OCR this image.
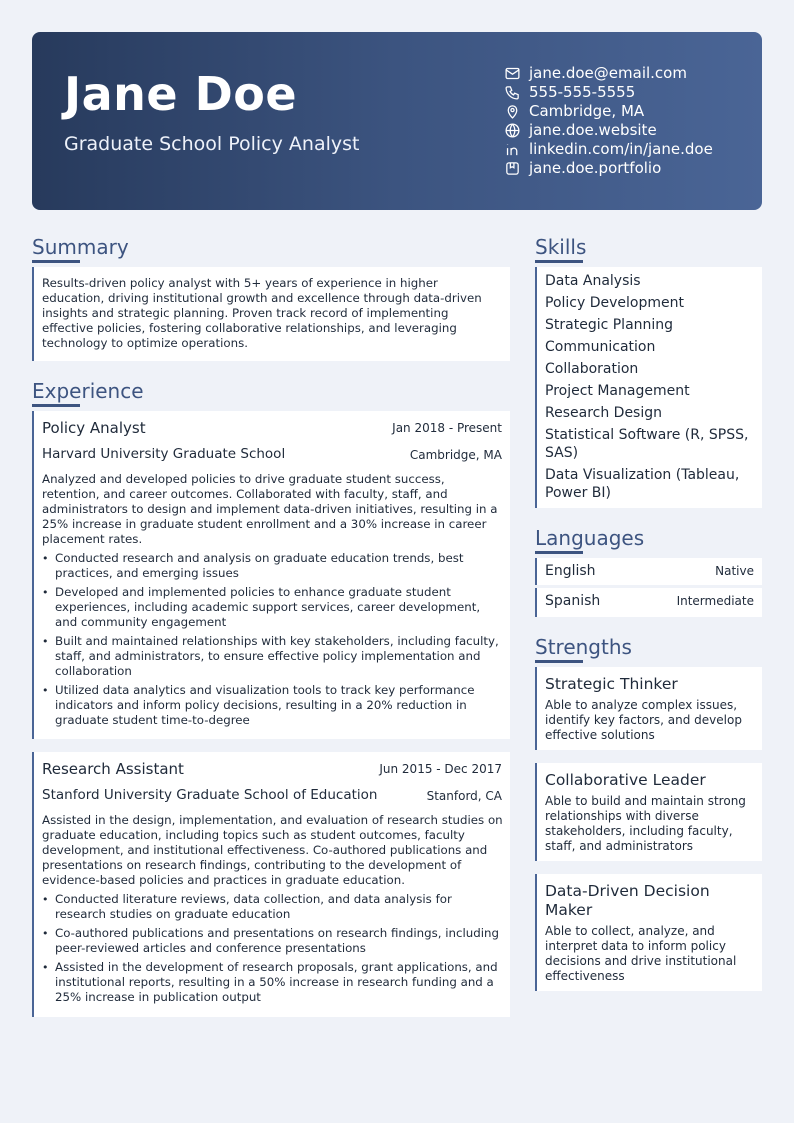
Jane Doe
Graduate School Policy Analyst
jane.doe@email.com
555-555-5555
Cambridge, MA
jane.doe.website
linkedin.com/in/jane.doe
jane.doe.portfolio
Summary
Results-driven policy analyst with 5+ years of experience in higher education, driving institutional growth and excellence through data-driven insights and strategic planning. Proven track record of implementing effective policies, fostering collaborative relationships, and leveraging technology to optimize operations.
Experience
Policy Analyst	Jan 2018 - Present
Harvard University Graduate School	Cambridge, MA
Analyzed and developed policies to drive graduate student success, retention, and career outcomes. Collaborated with faculty, staff, and administrators to design and implement data-driven initiatives, resulting in a 25% increase in graduate student enrollment and a 30% increase in career placement rates.
• Conducted research and analysis on graduate education trends, best practices, and emerging issues
• Developed and implemented policies to enhance graduate student experiences, including academic support services, career development, and community engagement
• Built and maintained relationships with key stakeholders, including faculty, staff, and administrators, to ensure effective policy implementation and collaboration
• Utilized data analytics and visualization tools to track key performance indicators and inform policy decisions, resulting in a 20% reduction in graduate student time-to-degree
Research Assistant	Jun 2015 - Dec 2017
Stanford University Graduate School of Education	Stanford, CA
Assisted in the design, implementation, and evaluation of research studies on graduate education, including topics such as student outcomes, faculty development, and institutional effectiveness. Co-authored publications and presentations on research findings, contributing to the development of evidence-based policies and practices in graduate education.
• Conducted literature reviews, data collection, and data analysis for research studies on graduate education
• Co-authored publications and presentations on research findings, including peer-reviewed articles and conference presentations
• Assisted in the development of research proposals, grant applications, and institutional reports, resulting in a 50% increase in research funding and a 25% increase in publication output
Skills
Data Analysis
Policy Development
Strategic Planning
Communication
Collaboration
Project Management
Research Design
Statistical Software (R, SPSS, SAS)
Data Visualization (Tableau, Power BI)
Languages
English	Native
Spanish	Intermediate
Strengths
Strategic Thinker
Able to analyze complex issues, identify key factors, and develop effective solutions
Collaborative Leader
Able to build and maintain strong relationships with diverse stakeholders, including faculty, staff, and administrators
Data-Driven Decision Maker
Able to collect, analyze, and interpret data to inform policy decisions and drive institutional effectiveness
